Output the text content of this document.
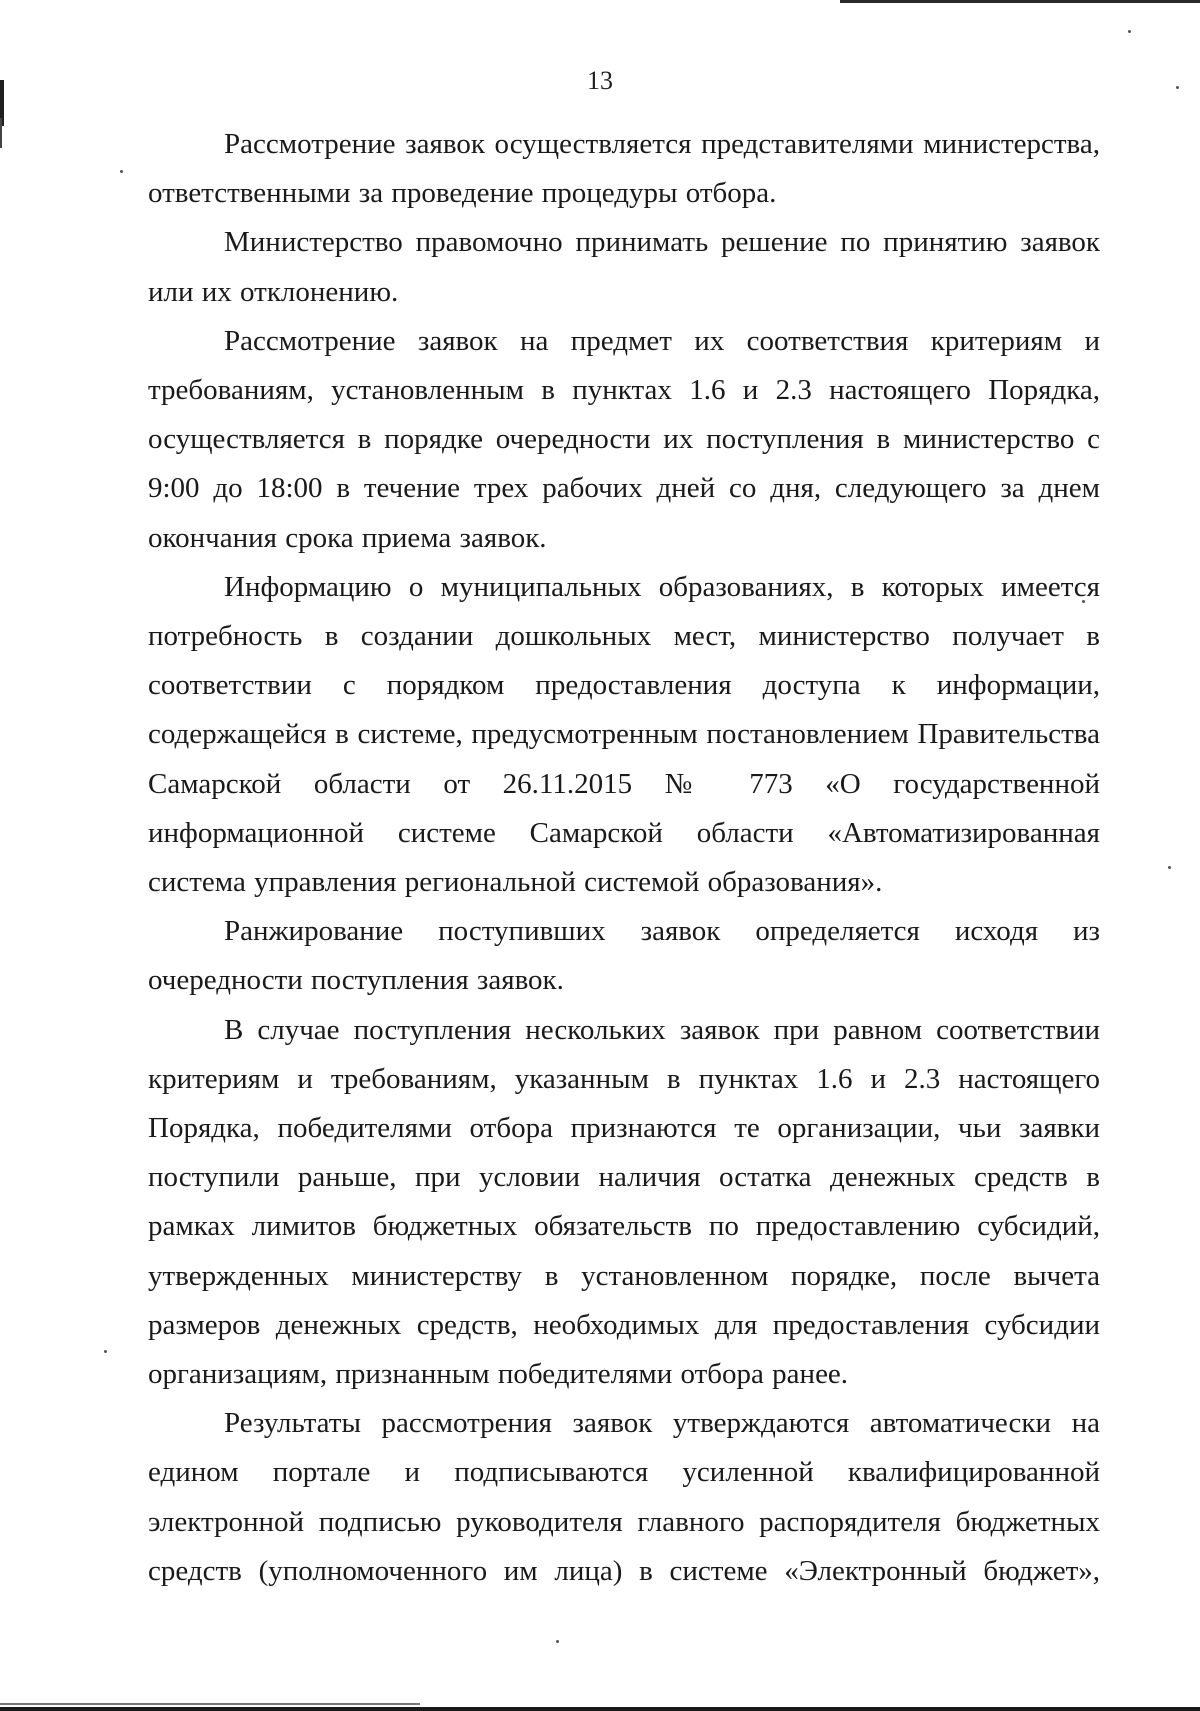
13

Рассмотрение заявок осуществляется представителями министерства, ответственными за проведение процедуры отбора.

Министерство правомочно принимать решение по принятию заявок или их отклонению.

Рассмотрение заявок на предмет их соответствия критериям и требованиям, установленным в пунктах 1.6 и 2.3 настоящего Порядка, осуществляется в порядке очередности их поступления в министерство с 9:00 до 18:00 в течение трех рабочих дней со дня, следующего за днем окончания срока приема заявок.

Информацию о муниципальных образованиях, в которых имеется потребность в создании дошкольных мест, министерство получает в соответствии с порядком предоставления доступа к информации, содержащейся в системе, предусмотренным постановлением Правительства Самарской области от 26.11.2015 № 773 «О государственной информационной системе Самарской области «Автоматизированная система управления региональной системой образования».

Ранжирование поступивших заявок определяется исходя из очередности поступления заявок.

В случае поступления нескольких заявок при равном соответствии критериям и требованиям, указанным в пунктах 1.6 и 2.3 настоящего Порядка, победителями отбора признаются те организации, чьи заявки поступили раньше, при условии наличия остатка денежных средств в рамках лимитов бюджетных обязательств по предоставлению субсидий, утвержденных министерству в установленном порядке, после вычета размеров денежных средств, необходимых для предоставления субсидии организациям, признанным победителями отбора ранее.

Результаты рассмотрения заявок утверждаются автоматически на едином портале и подписываются усиленной квалифицированной электронной подписью руководителя главного распорядителя бюджетных средств (уполномоченного им лица) в системе «Электронный бюджет»,
